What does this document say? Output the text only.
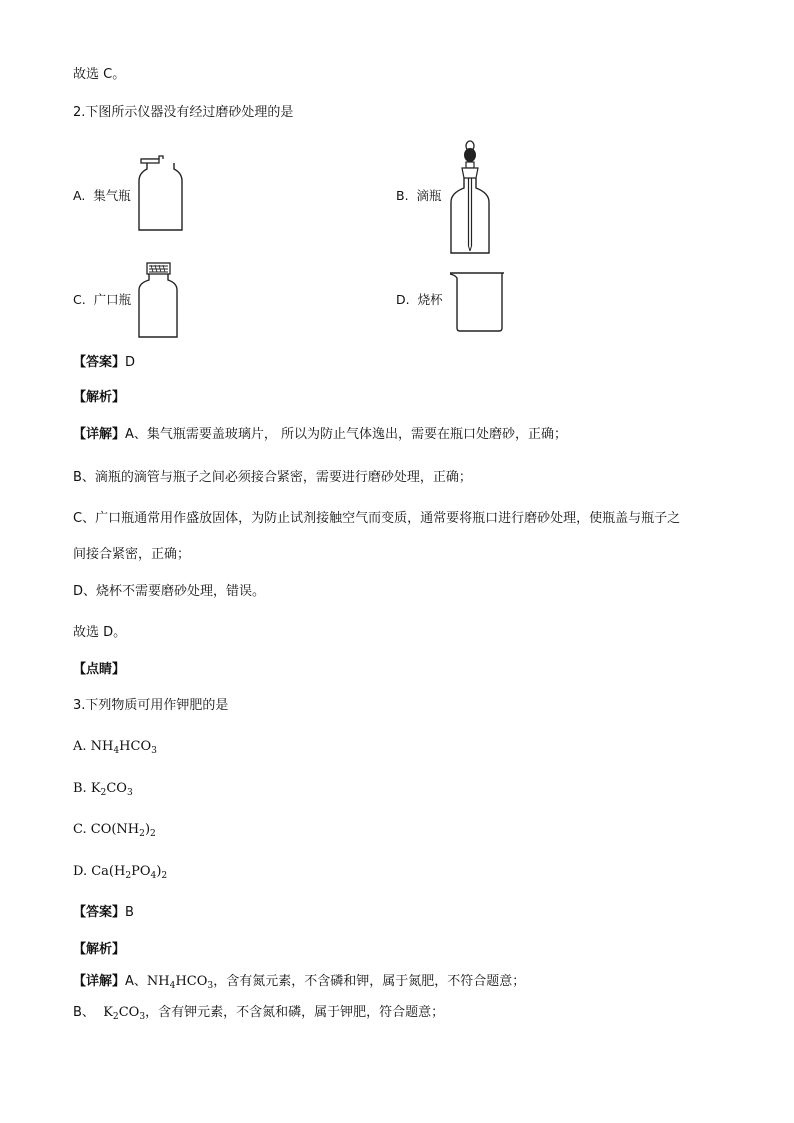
故选 C。
2.下图所示仪器没有经过磨砂处理的是
A. 集气瓶	B. 滴瓶
C. 广口瓶	D. 烧杯
【答案】D
【解析】
【详解】A、集气瓶需要盖玻璃片， 所以为防止气体逸出，需要在瓶口处磨砂，正确；
B、滴瓶的滴管与瓶子之间必须接合紧密，需要进行磨砂处理，正确；
C、广口瓶通常用作盛放固体，为防止试剂接触空气而变质，通常要将瓶口进行磨砂处理，使瓶盖与瓶子之
间接合紧密，正确；
D、烧杯不需要磨砂处理，错误。
故选 D。
【点睛】
3.下列物质可用作钾肥的是
A. $NH_4HCO_3$
B. $K_2CO_3$
C. $CO(NH_2)_2$
D. $Ca(H_2PO_4)_2$
【答案】B
【解析】
【详解】A、$NH_4HCO_3$，含有氮元素，不含磷和钾，属于氮肥，不符合题意；
B、  $K_2CO_3$，含有钾元素，不含氮和磷，属于钾肥，符合题意；
